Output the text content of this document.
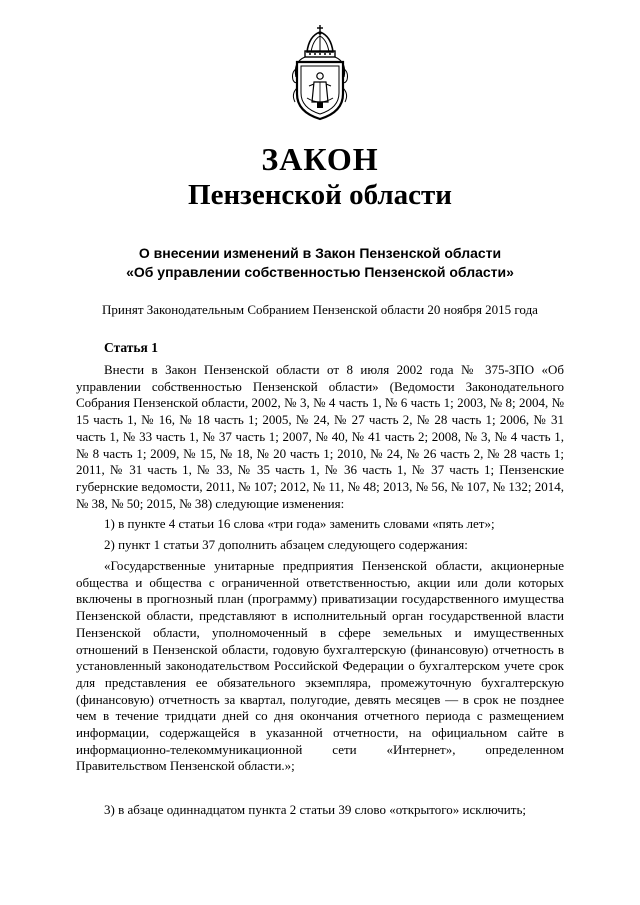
ЗАКОН
Пензенской области
О внесении изменений в Закон Пензенской области
«Об управлении собственностью Пензенской области»
Принят Законодательным Собранием Пензенской области 20 ноября 2015 года
Статья 1

Внести в Закон Пензенской области от 8 июля 2002 года № 375-ЗПО «Об управлении собственностью Пензенской области» (Ведомости Законодательного Собрания Пензенской области, 2002, № 3, № 4 часть 1, № 6 часть 1; 2003, № 8; 2004, № 15 часть 1, № 16, № 18 часть 1; 2005, № 24, № 27 часть 2, № 28 часть 1; 2006, № 31 часть 1, № 33 часть 1, № 37 часть 1; 2007, № 40, № 41 часть 2; 2008, № 3, № 4 часть 1, № 8 часть 1; 2009, № 15, № 18, № 20 часть 1; 2010, № 24, № 26 часть 2, № 28 часть 1; 2011, № 31 часть 1, № 33, № 35 часть 1, № 36 часть 1, № 37 часть 1; Пензенские губернские ведомости, 2011, № 107; 2012, № 11, № 48; 2013, № 56, № 107, № 132; 2014, № 38, № 50; 2015, № 38) следующие изменения:

1) в пункте 4 статьи 16 слова «три года» заменить словами «пять лет»;

2) пункт 1 статьи 37 дополнить абзацем следующего содержания:

«Государственные унитарные предприятия Пензенской области, акционерные общества и общества с ограниченной ответственностью, акции или доли которых включены в прогнозный план (программу) приватизации государственного имущества Пензенской области, представляют в исполнительный орган государственной власти Пензенской области, уполномоченный в сфере земельных и имущественных отношений в Пензенской области, годовую бухгалтерскую (финансовую) отчетность в установленный законодательством Российской Федерации о бухгалтерском учете срок для представления ее обязательного экземпляра, промежуточную бухгалтерскую (финансовую) отчетность за квартал, полугодие, девять месяцев — в срок не позднее чем в течение тридцати дней со дня окончания отчетного периода с размещением информации, содержащейся в указанной отчетности, на официальном сайте в информационно-телекоммуникационной сети «Интернет», определенном Правительством Пензенской области.»;

3) в абзаце одиннадцатом пункта 2 статьи 39 слово «открытого» исключить;
